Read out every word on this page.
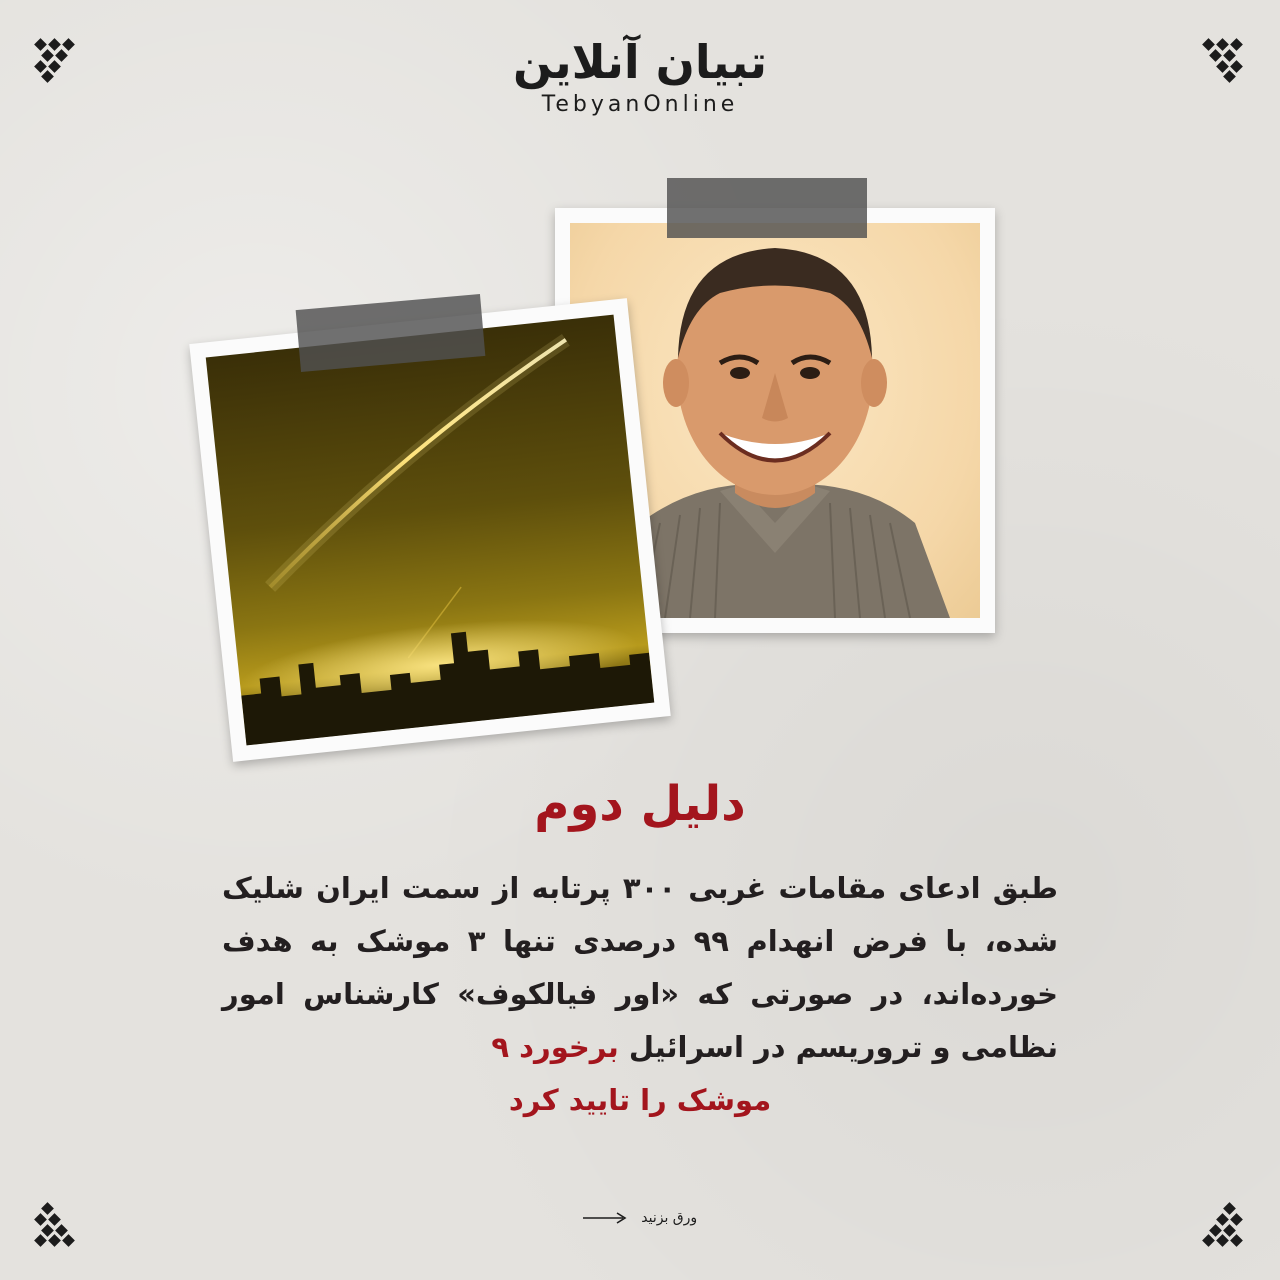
تبیان آنلاین
TebyanOnline
دلیل دوم
طبق ادعای مقامات غربی ۳۰۰ پرتابه از سمت ایران شلیک شده، با فرض انهدام ۹۹ درصدی تنها ۳ موشک به هدف خورده‌اند، در صورتی که «اور فیالکوف» کارشناس امور نظامی و تروریسم در اسرائیل برخورد ۹
موشک را تایید کرد
ورق بزنید
